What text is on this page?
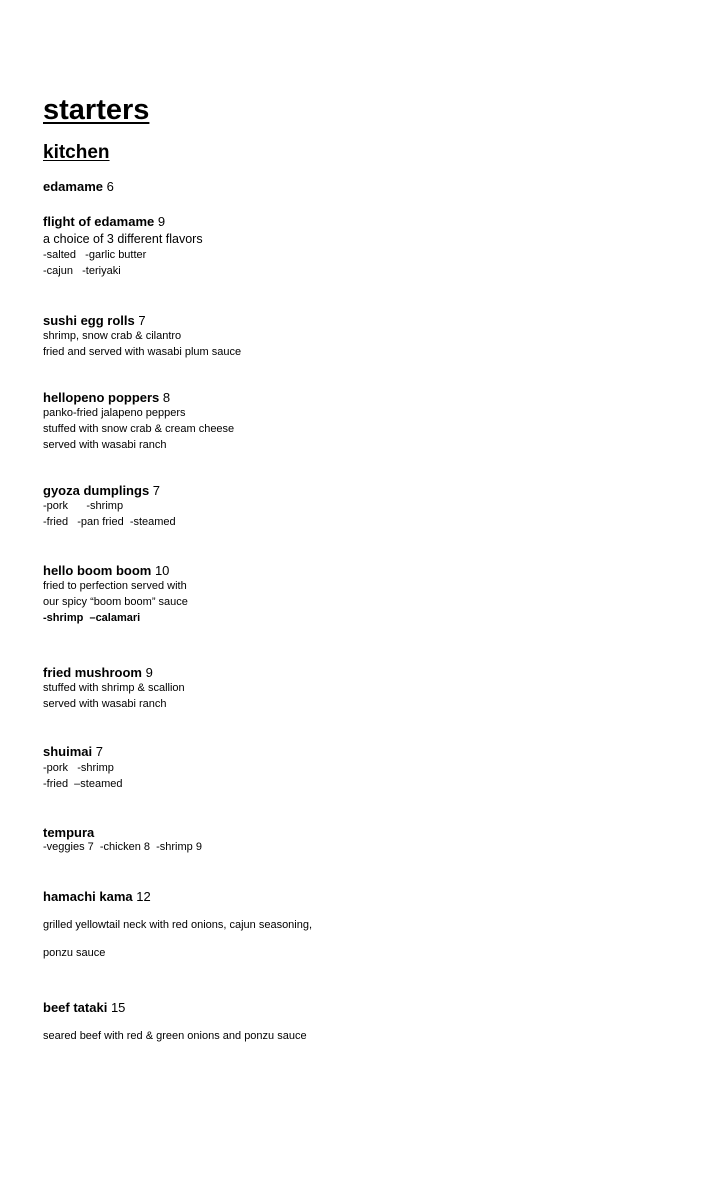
starters
kitchen
edamame 6
flight of edamame 9
a choice of 3 different flavors
-salted   -garlic butter
-cajun   -teriyaki
sushi egg rolls 7
shrimp, snow crab & cilantro
fried and served with wasabi plum sauce
hellopeno poppers 8
panko-fried jalapeno peppers
stuffed with snow crab & cream cheese
served with wasabi ranch
gyoza dumplings 7
-pork      -shrimp
-fried   -pan fried  -steamed
hello boom boom 10
fried to perfection served with
our spicy “boom boom” sauce
-shrimp  –calamari
fried mushroom 9
stuffed with shrimp & scallion
served with wasabi ranch
shuimai 7
-pork   -shrimp
-fried  –steamed
tempura
-veggies 7  -chicken 8  -shrimp 9
hamachi kama 12
grilled yellowtail neck with red onions, cajun seasoning,
ponzu sauce
beef tataki 15
seared beef with red & green onions and ponzu sauce
